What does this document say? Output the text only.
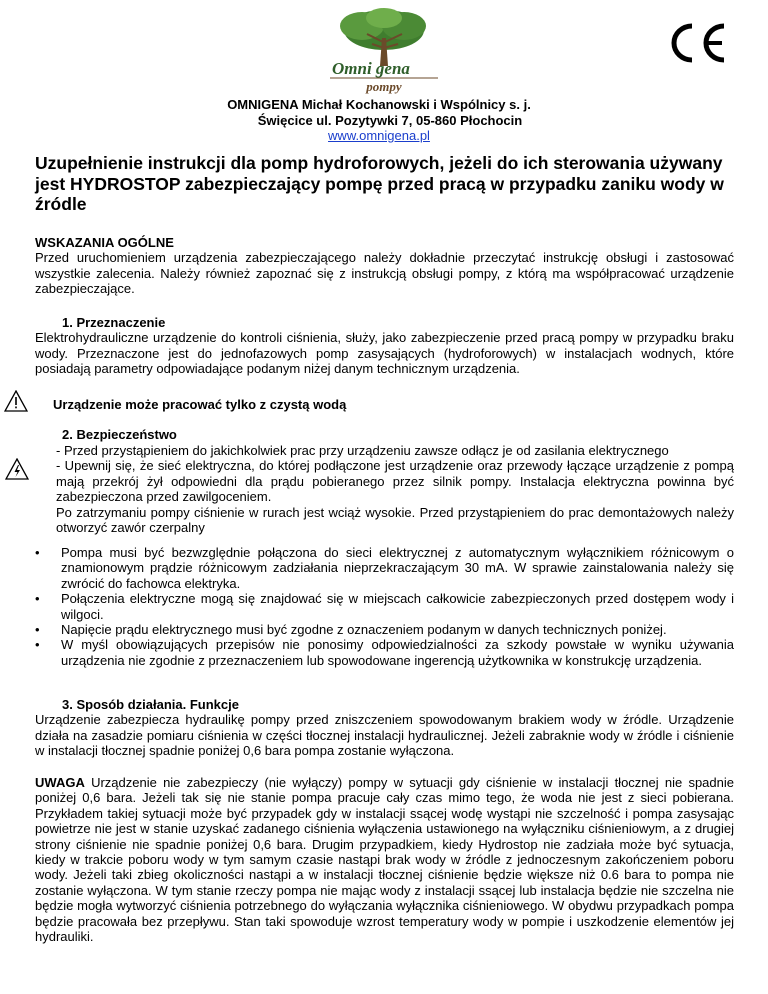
Omni gena
pompy
CE
OMNIGENA Michał Kochanowski i Wspólnicy s. j.
Święcice ul. Pozytywki 7, 05-860 Płochocin
www.omnigena.pl
Uzupełnienie instrukcji dla pomp hydroforowych, jeżeli do ich sterowania używany jest HYDROSTOP zabezpieczający pompę przed pracą w przypadku zaniku wody w źródle

WSKAZANIA OGÓLNE

Przed uruchomieniem urządzenia zabezpieczającego należy dokładnie przeczytać instrukcję obsługi i zastosować wszystkie zalecenia. Należy również zapoznać się z instrukcją obsługi pompy, z którą ma współpracować urządzenie zabezpieczające.

1. Przeznaczenie

Elektrohydrauliczne urządzenie do kontroli ciśnienia, służy, jako zabezpieczenie przed pracą pompy w przypadku braku wody. Przeznaczone jest do jednofazowych pomp zasysających (hydroforowych) w instalacjach wodnych, które posiadają parametry odpowiadające podanym niżej danym technicznym urządzenia.

Urządzenie może pracować tylko z czystą wodą

2. Bezpieczeństwo

- Przed przystąpieniem do jakichkolwiek prac przy urządzeniu zawsze odłącz je od zasilania elektrycznego

- Upewnij się, że sieć elektryczna, do której podłączone jest urządzenie oraz przewody łączące urządzenie z pompą mają przekrój żył odpowiedni dla prądu pobieranego przez silnik pompy. Instalacja elektryczna powinna być zabezpieczona przed zawilgoceniem.

Po zatrzymaniu pompy ciśnienie w rurach jest wciąż wysokie. Przed przystąpieniem do prac demontażowych należy otworzyć zawór czerpalny

• Pompa musi być bezwzględnie połączona do sieci elektrycznej z automatycznym wyłącznikiem różnicowym o znamionowym prądzie różnicowym zadziałania nieprzekraczającym 30 mA. W sprawie zainstalowania należy się zwrócić do fachowca elektryka.
• Połączenia elektryczne mogą się znajdować się w miejscach całkowicie zabezpieczonych przed dostępem wody i wilgoci.
• Napięcie prądu elektrycznego musi być zgodne z oznaczeniem podanym w danych technicznych poniżej.
• W myśl obowiązujących przepisów nie ponosimy odpowiedzialności za szkody powstałe w wyniku używania urządzenia nie zgodnie z przeznaczeniem lub spowodowane ingerencją użytkownika w konstrukcję urządzenia.

3. Sposób działania. Funkcje

Urządzenie zabezpiecza hydraulikę pompy przed zniszczeniem spowodowanym brakiem wody w źródle. Urządzenie działa na zasadzie pomiaru ciśnienia w części tłocznej instalacji hydraulicznej. Jeżeli zabraknie wody w źródle i ciśnienie w instalacji tłocznej spadnie poniżej 0,6 bara pompa zostanie wyłączona.

UWAGA Urządzenie nie zabezpieczy (nie wyłączy) pompy w sytuacji gdy ciśnienie w instalacji tłocznej nie spadnie poniżej 0,6 bara. Jeżeli tak się nie stanie pompa pracuje cały czas mimo tego, że woda nie jest z sieci pobierana. Przykładem takiej sytuacji może być przypadek gdy w instalacji ssącej wodę wystąpi nie szczelność i pompa zasysając powietrze nie jest w stanie uzyskać zadanego ciśnienia wyłączenia ustawionego na wyłączniku ciśnieniowym, a z drugiej strony ciśnienie nie spadnie poniżej 0,6 bara. Drugim przypadkiem, kiedy Hydrostop nie zadziała może być sytuacja, kiedy w trakcie poboru wody w tym samym czasie nastąpi brak wody w źródle z jednoczesnym zakończeniem poboru wody. Jeżeli taki zbieg okoliczności nastąpi a w instalacji tłocznej ciśnienie będzie większe niż 0.6 bara to pompa nie zostanie wyłączona. W tym stanie rzeczy pompa nie mając wody z instalacji ssącej lub instalacja będzie nie szczelna nie będzie mogła wytworzyć ciśnienia potrzebnego do wyłączania wyłącznika ciśnieniowego. W obydwu przypadkach pompa będzie pracowała bez przepływu. Stan taki spowoduje wzrost temperatury wody w pompie i uszkodzenie elementów jej hydrauliki.
